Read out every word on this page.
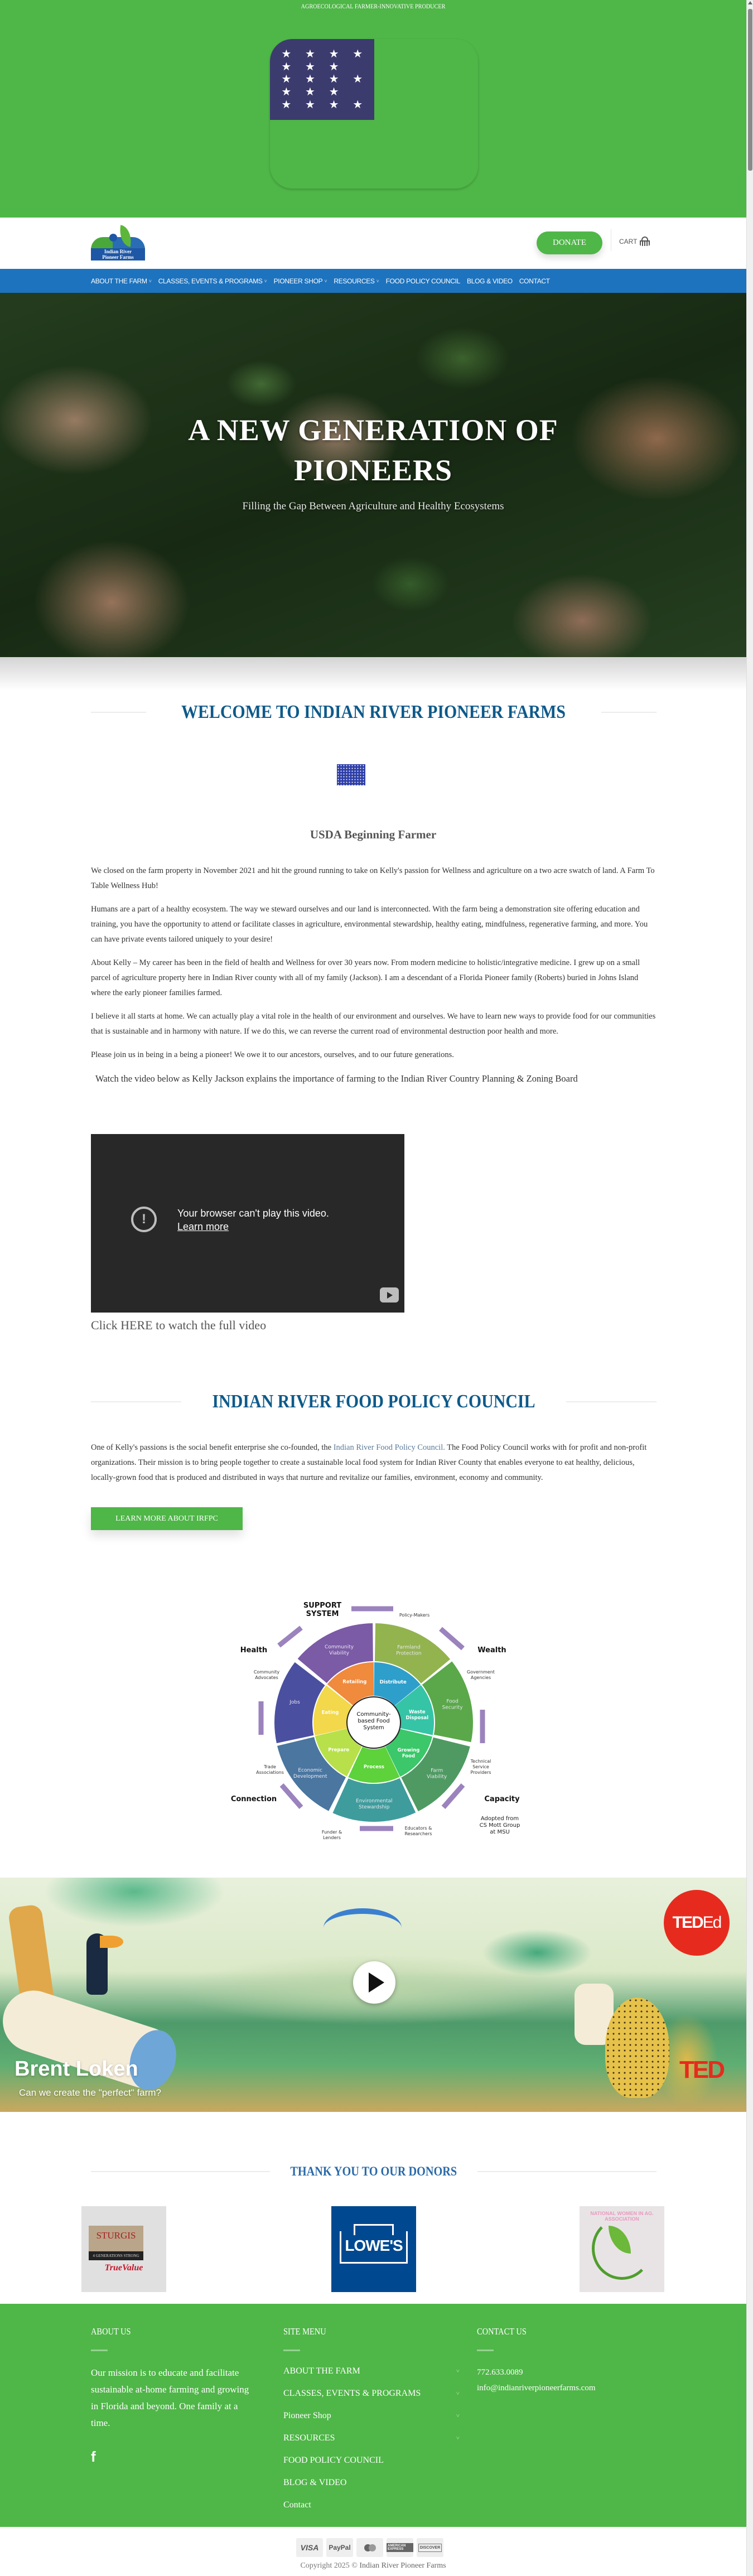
AGROECOLOGICAL FARMER-INNOVATIVE PRODUCER
★ ★ ★ ★
★ ★ ★
★ ★ ★ ★
★ ★ ★
★ ★ ★ ★
Indian River
Pioneer Farms
DONATE	CART
ABOUT THE FARM ˅ CLASSES, EVENTS & PROGRAMS ˅ PIONEER SHOP ˅ RESOURCES ˅ FOOD POLICY COUNCIL BLOG & VIDEO CONTACT
A NEW GENERATION OF
PIONEERS
Filling the Gap Between Agriculture and Healthy Ecosystems
WELCOME TO INDIAN RIVER PIONEER FARMS
USDA Beginning Farmer

We closed on the farm property in November 2021 and hit the ground running to take on Kelly's passion for Wellness and agriculture on a two acre swatch of land. A Farm To Table Wellness Hub!

Humans are a part of a healthy ecosystem. The way we steward ourselves and our land is interconnected. With the farm being a demonstration site offering education and training, you have the opportunity to attend or facilitate classes in agriculture, environmental stewardship, healthy eating, mindfulness, regenerative farming, and more. You can have private events tailored uniquely to your desire!

About Kelly – My career has been in the field of health and Wellness for over 30 years now. From modern medicine to holistic/integrative medicine. I grew up on a small parcel of agriculture property here in Indian River county with all of my family (Jackson). I am a descendant of a Florida Pioneer family (Roberts) buried in Johns Island where the early pioneer families farmed.

I believe it all starts at home. We can actually play a vital role in the health of our environment and ourselves. We have to learn new ways to provide food for our communities that is sustainable and in harmony with nature. If we do this, we can reverse the current road of environmental destruction poor health and more.

Please join us in being in a being a pioneer! We owe it to our ancestors, ourselves, and to our future generations.

Watch the video below as Kelly Jackson explains the importance of farming to the Indian River Country Planning & Zoning Board

!	Your browser can't play this video.
Learn more
Click HERE to watch the full video
INDIAN RIVER FOOD POLICY COUNCIL

One of Kelly's passions is the social benefit enterprise she co-founded, the Indian River Food Policy Council. The Food Policy Council works with for profit and non-profit organizations. Their mission is to bring people together to create a sustainable local food system for Indian River County that enables everyone to eat healthy, delicious, locally-grown food that is produced and distributed in ways that nurture and revitalize our families, environment, economy and community.

LEARN MORE ABOUT IRFPC
Community
Viability
Farmland
Protection
Food
Security
Farm
Viability
Environmental
Stewardship
Economic
Development
Jobs
Retailing	Distribute
Waste
Disposal
Growing
Food
Process
Prepare
Eating	Community-
based Food
System
SUPPORT
SYSTEM
Health	Wealth
Connection	Capacity
Policy-Makers
Government
Agencies
Technical
Service
Providers
Educators &
Researchers
Funder &
Lenders
Trade
Associations
Community
Advocates
Adopted from
CS Mott Group
at MSU
TED Ed
TED
Brent Loken
Can we create the "perfect" farm?
THANK YOU TO OUR DONORS
STURGIS
4 GENERATIONS STRONG
TrueValue
LOWE'S
NATIONAL WOMEN IN AG. ASSOCIATION
ABOUT US

Our mission is to educate and facilitate sustainable at-home farming and growing in Florida and beyond. One family at a time.

f
SITE MENU
ABOUT THE FARM	˅
CLASSES, EVENTS & PROGRAMS	˅
Pioneer Shop	˅
RESOURCES	˅
FOOD POLICY COUNCIL
BLOG & VIDEO
Contact
CONTACT US
772.633.0089
info@indianriverpioneerfarms.com
VISA	PayPal	AMERICAN EXPRESS	DISCOVER
Copyright 2025 © Indian River Pioneer Farms
